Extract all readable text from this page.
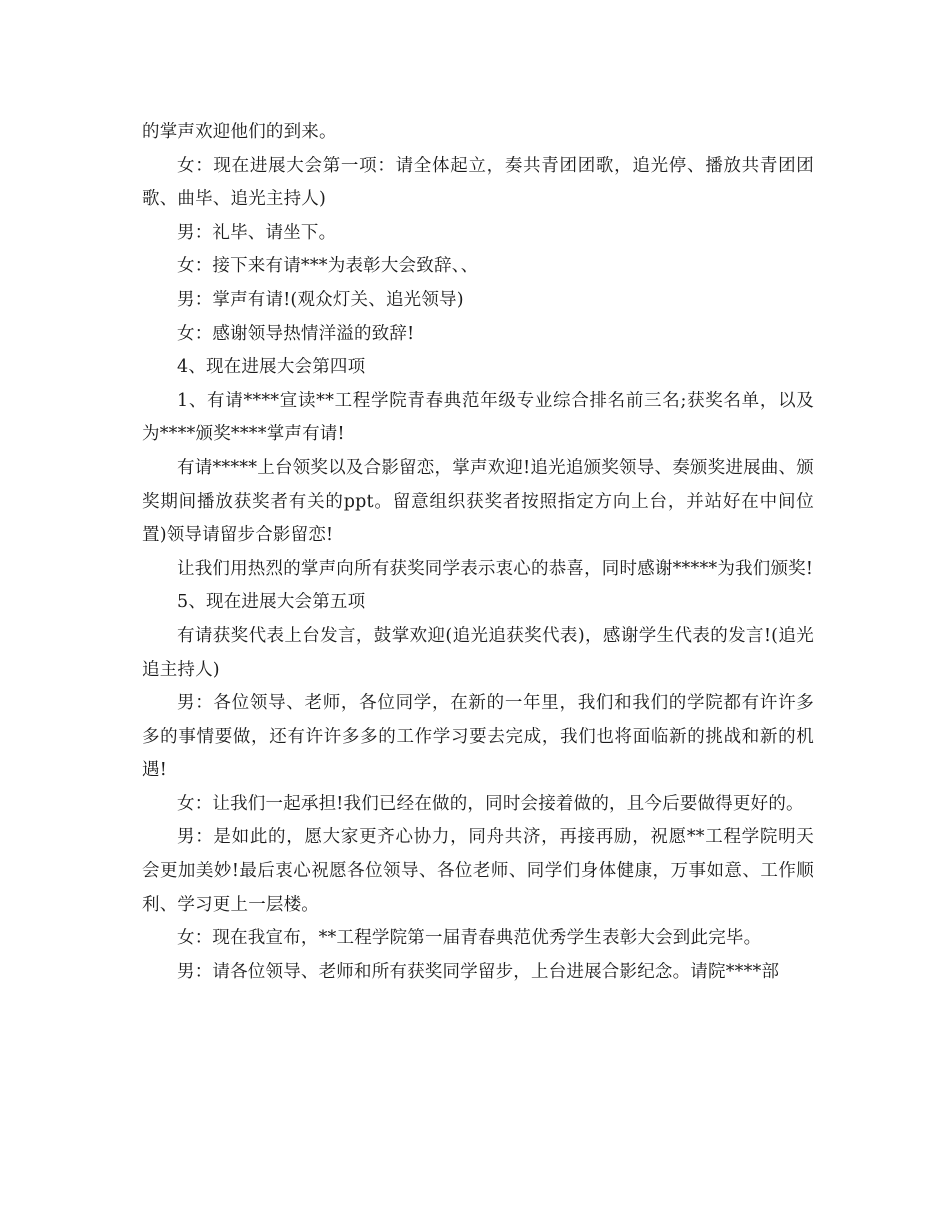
的掌声欢迎他们的到来。

女：现在进展大会第一项：请全体起立，奏共青团团歌，追光停、播放共青团团歌、曲毕、追光主持人)

男：礼毕、请坐下。

女：接下来有请***为表彰大会致辞、、

男：掌声有请!(观众灯关、追光领导)

女：感谢领导热情洋溢的致辞!

4、现在进展大会第四项

1、有请****宣读**工程学院青春典范年级专业综合排名前三名;获奖名单，以及为****颁奖****掌声有请!

有请*****上台领奖以及合影留恋，掌声欢迎!追光追颁奖领导、奏颁奖进展曲、颁奖期间播放获奖者有关的ppt。留意组织获奖者按照指定方向上台，并站好在中间位置)领导请留步合影留恋!

让我们用热烈的掌声向所有获奖同学表示衷心的恭喜，同时感谢*****为我们颁奖!

5、现在进展大会第五项

有请获奖代表上台发言，鼓掌欢迎(追光追获奖代表)，感谢学生代表的发言!(追光追主持人)

男：各位领导、老师，各位同学，在新的一年里，我们和我们的学院都有许许多多的事情要做，还有许许多多的工作学习要去完成，我们也将面临新的挑战和新的机遇!

女：让我们一起承担!我们已经在做的，同时会接着做的，且今后要做得更好的。

男：是如此的，愿大家更齐心协力，同舟共济，再接再励，祝愿**工程学院明天会更加美妙!最后衷心祝愿各位领导、各位老师、同学们身体健康，万事如意、工作顺利、学习更上一层楼。

女：现在我宣布，**工程学院第一届青春典范优秀学生表彰大会到此完毕。

男：请各位领导、老师和所有获奖同学留步，上台进展合影纪念。请院****部
